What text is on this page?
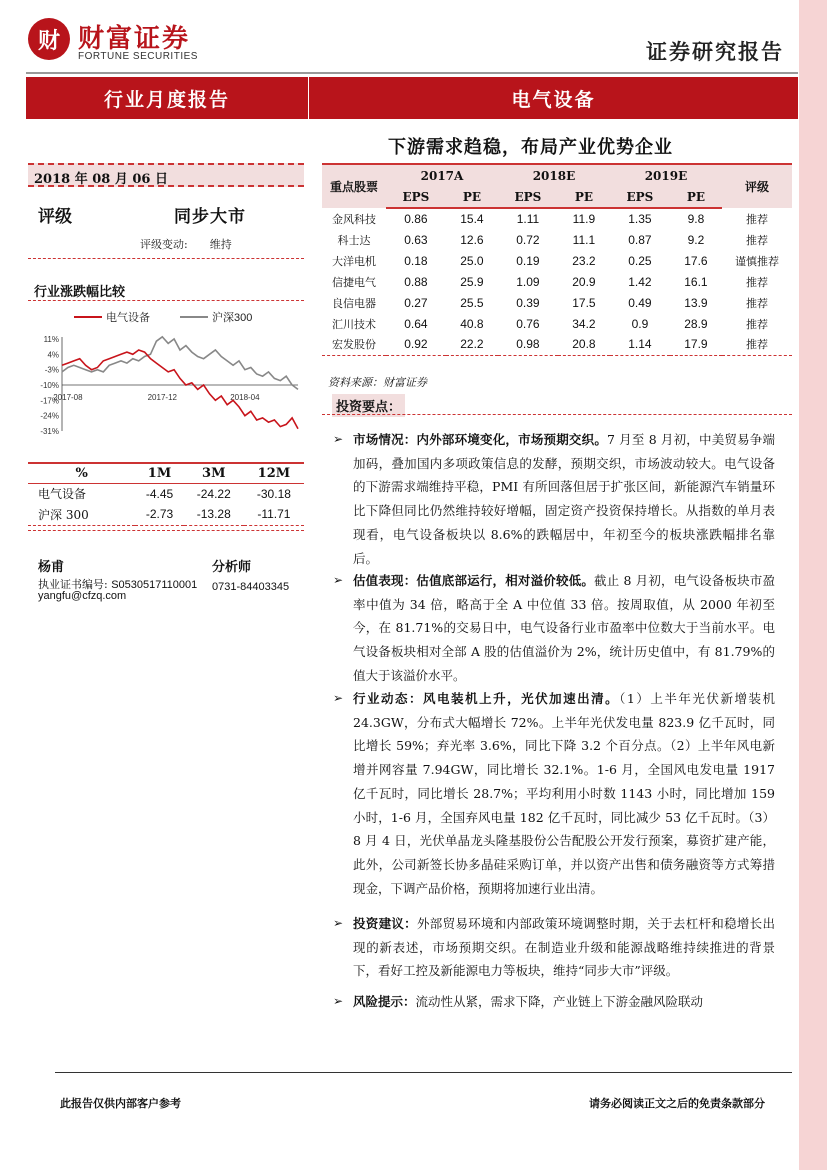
财 财富证券
FORTUNE SECURITIES	证券研究报告
行业月度报告	电气设备
下游需求趋稳，布局产业优势企业
2018 年 08 月 06 日
评级	同步大市
评级变动: 维持
行业涨跌幅比较
电气设备	沪深300
11%
4%
-3%
-10%
-17%
-24%
-31%
2017-08	2017-12	2018-04
%	1M	3M	12M
电气设备	-4.45	-24.22	-30.18
沪深 300	-2.73	-13.28	-11.71
杨甫	分析师
执业证书编号: S0530517110001 0731-84403345
yangfu@cfzq.com
重点股票	2017A		2018E		2019E		评级
	EPS	PE	EPS	PE	EPS	PE	
金风科技	0.86	15.4	1.11	11.9	1.35	9.8	推荐
科士达	0.63	12.6	0.72	11.1	0.87	9.2	推荐
大洋电机	0.18	25.0	0.19	23.2	0.25	17.6	谨慎推荐
信捷电气	0.88	25.9	1.09	20.9	1.42	16.1	推荐
良信电器	0.27	25.5	0.39	17.5	0.49	13.9	推荐
汇川技术	0.64	40.8	0.76	34.2	0.9	28.9	推荐
宏发股份	0.92	22.2	0.98	20.8	1.14	17.9	推荐
资料来源：财富证券
投资要点：
➢ 市场情况：内外部环境变化，市场预期交织。7 月至 8 月初，中美贸易争端加码，叠加国内多项政策信息的发酵，预期交织，市场波动较大。电气设备的下游需求端维持平稳，PMI 有所回落但居于扩张区间，新能源汽车销量环比下降但同比仍然维持较好增幅，固定资产投资保持增长。从指数的单月表现看，电气设备板块以 8.6%的跌幅居中，年初至今的板块涨跌幅排名靠后。

➢ 估值表现：估值底部运行，相对溢价较低。截止 8 月初，电气设备板块市盈率中值为 34 倍，略高于全 A 中位值 33 倍。按周取值，从 2000 年初至今，在 81.71%的交易日中，电气设备行业市盈率中位数大于当前水平。电气设备板块相对全部 A 股的估值溢价为 2%，统计历史值中，有 81.79%的值大于该溢价水平。

➢ 行业动态：风电装机上升，光伏加速出清。（1）上半年光伏新增装机 24.3GW，分布式大幅增长 72%。上半年光伏发电量 823.9 亿千瓦时，同比增长 59%；弃光率 3.6%，同比下降 3.2 个百分点。（2）上半年风电新增并网容量 7.94GW，同比增长 32.1%。1-6 月，全国风电发电量 1917 亿千瓦时，同比增长 28.7%；平均利用小时数 1143 小时，同比增加 159 小时，1-6 月，全国弃风电量 182 亿千瓦时，同比减少 53 亿千瓦时。（3）8 月 4 日，光伏单晶龙头隆基股份公告配股公开发行预案，募资扩建产能，此外，公司新签长协多晶硅采购订单，并以资产出售和债务融资等方式筹措现金，下调产品价格，预期将加速行业出清。

➢ 投资建议：外部贸易环境和内部政策环境调整时期，关于去杠杆和稳增长出现的新表述，市场预期交织。在制造业升级和能源战略维持续推进的背景下，看好工控及新能源电力等板块，维持“同步大市”评级。

➢ 风险提示：流动性从紧，需求下降，产业链上下游金融风险联动

此报告仅供内部客户参考	请务必阅读正文之后的免责条款部分
